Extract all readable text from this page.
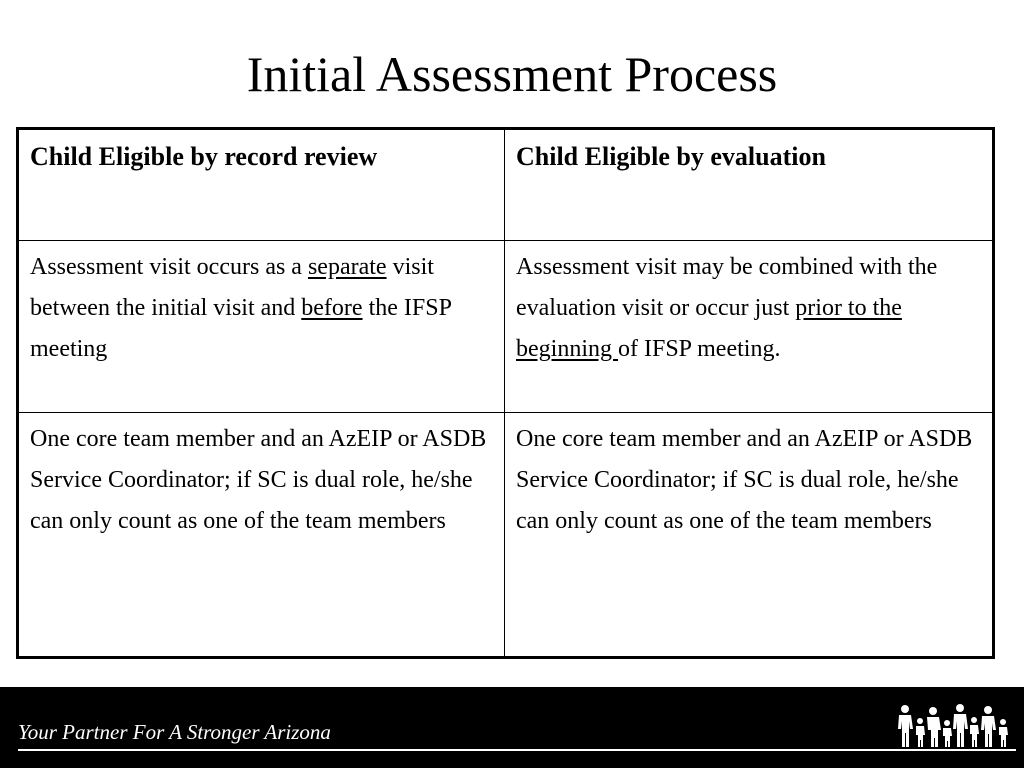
Initial Assessment Process
Child Eligible by record review	Child Eligible by evaluation
Assessment visit occurs as a separate visit between the initial visit and before the IFSP meeting	Assessment visit may be combined with the evaluation visit or occur just prior to the beginning of IFSP meeting.
One core team member and an AzEIP or ASDB Service Coordinator; if SC is dual role, he/she can only count as one of the team members	One core team member and an AzEIP or ASDB Service Coordinator; if SC is dual role, he/she can only count as one of the team members
Your Partner For A Stronger Arizona
